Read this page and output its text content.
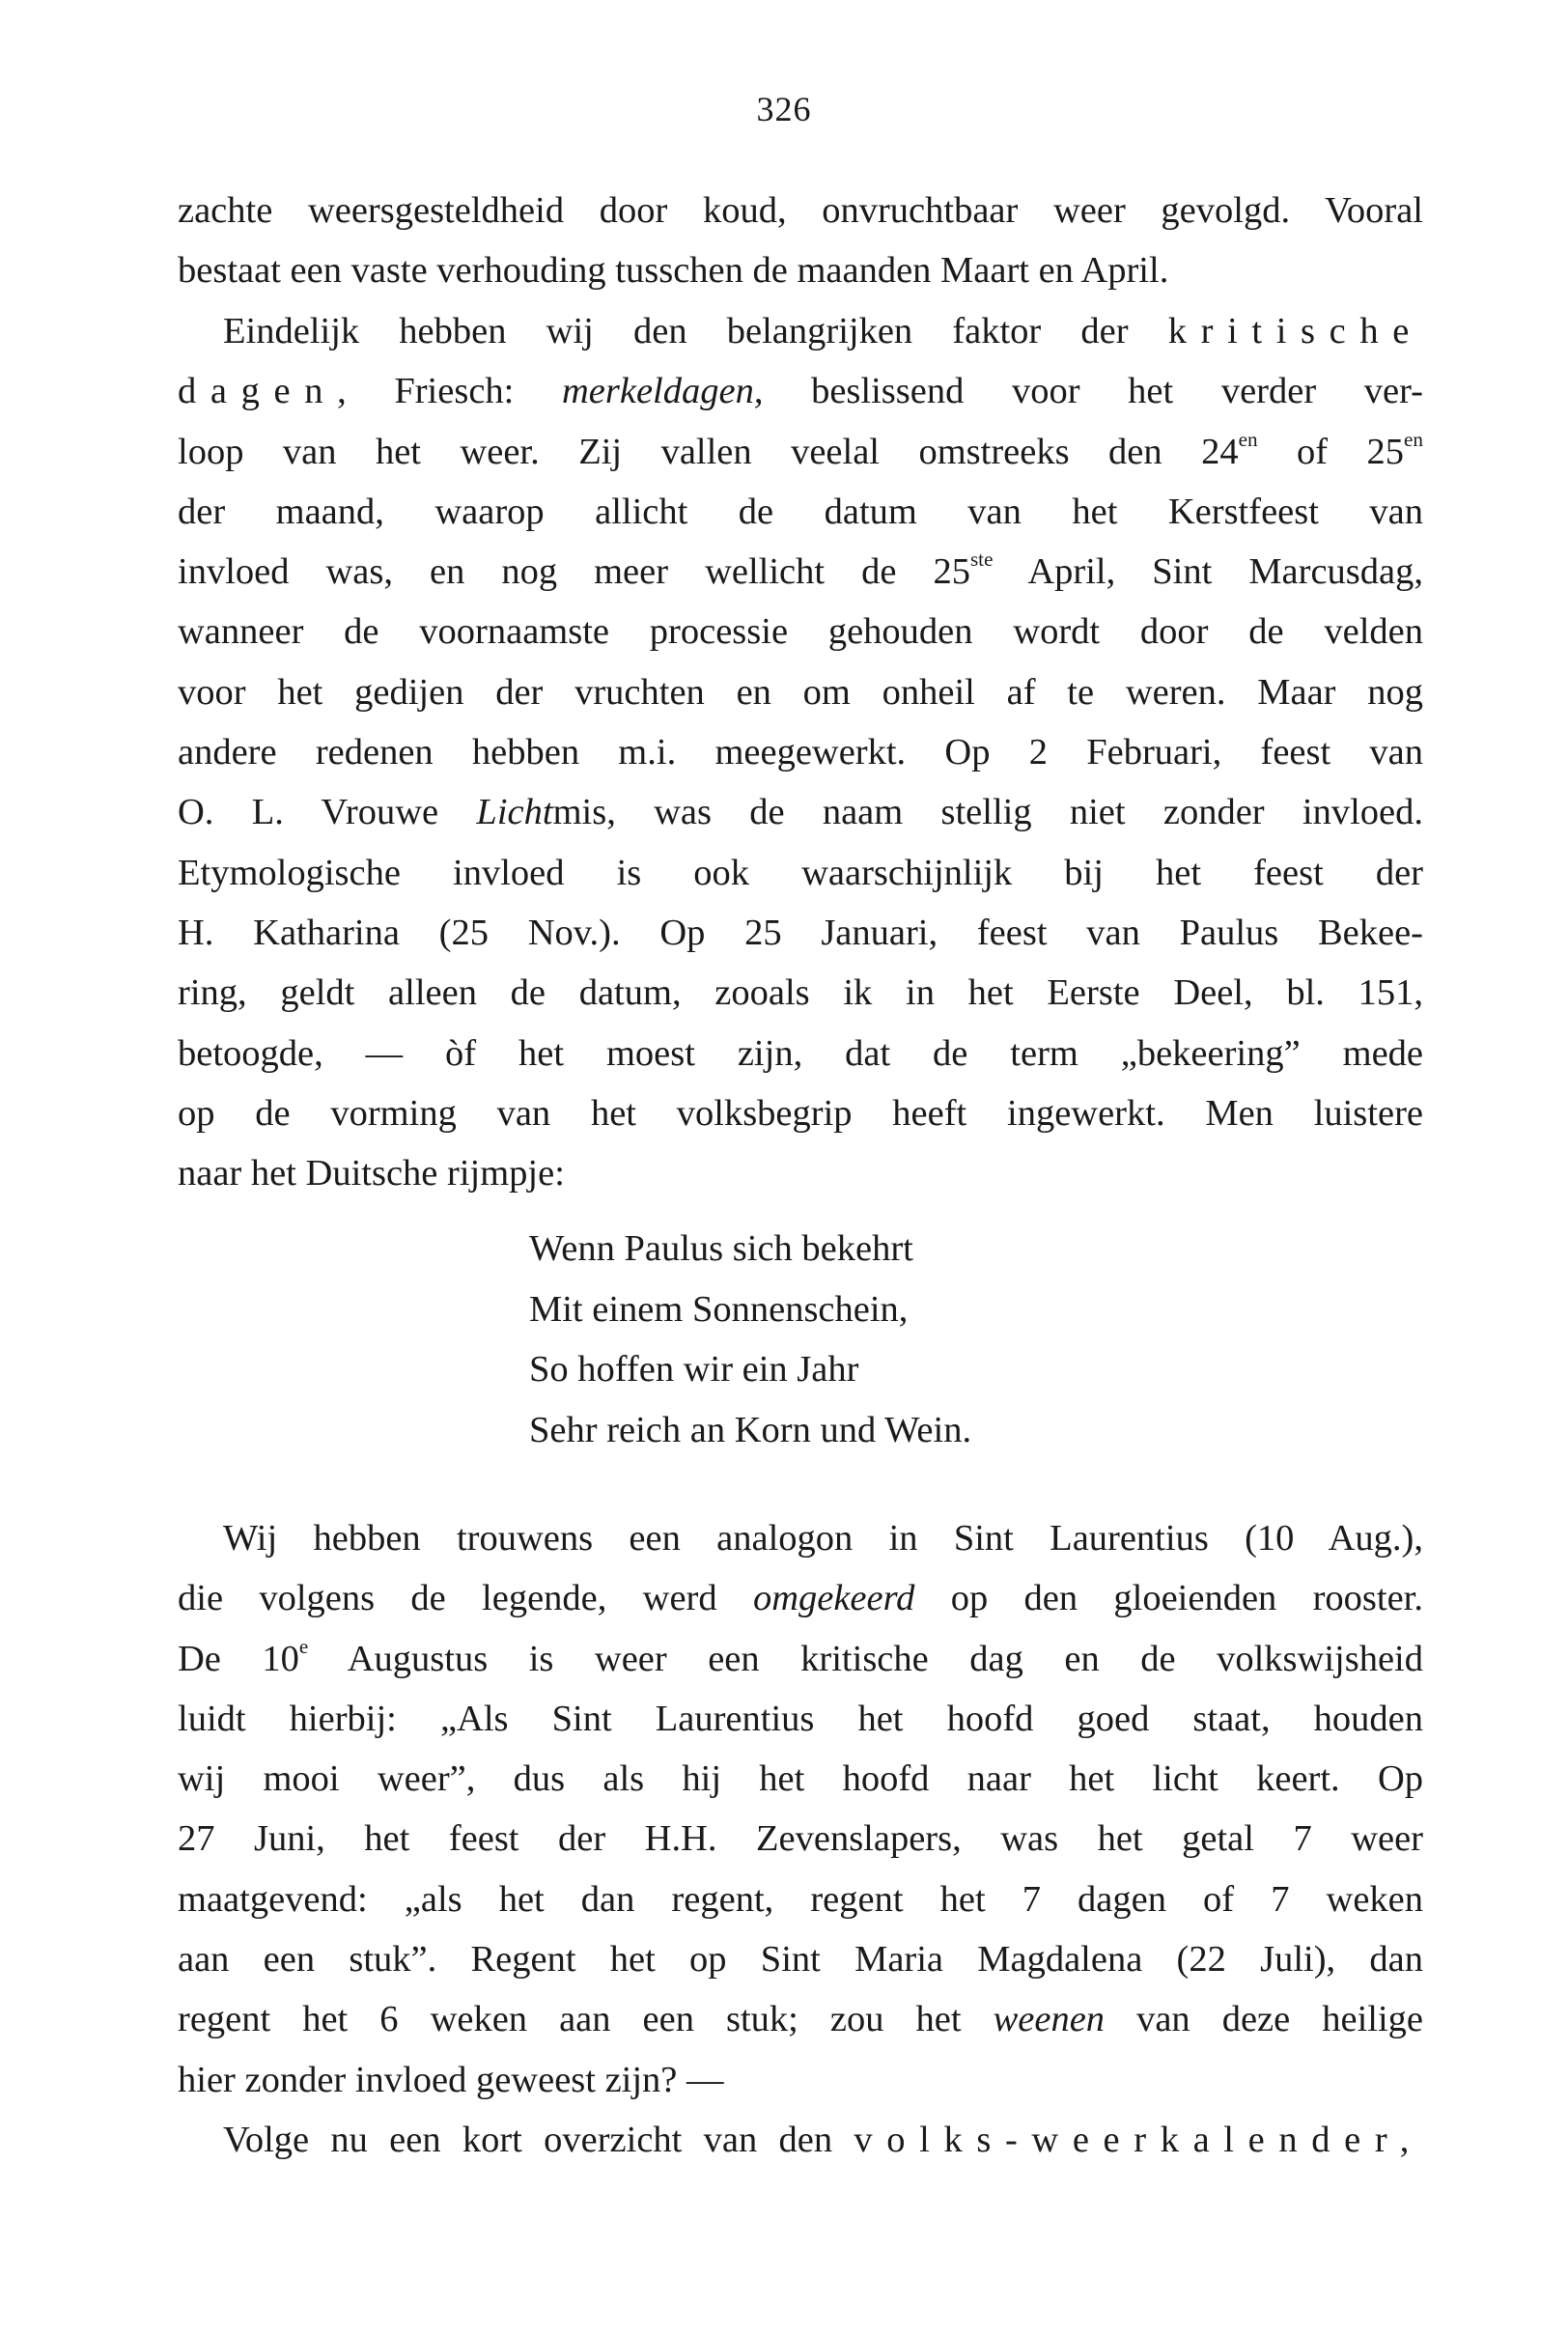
326
zachte weersgesteldheid door koud, onvruchtbaar weer gevolgd. Vooral
bestaat een vaste verhouding tusschen de maanden Maart en April.
Eindelijk hebben wij den belangrijken faktor der kritische
dagen, Friesch: merkeldagen, beslissend voor het verder ver-
loop van het weer. Zij vallen veelal omstreeks den $24^{en}$ of $25^{en}$
der maand, waarop allicht de datum van het Kerstfeest van
invloed was, en nog meer wellicht de 25ste April, Sint Marcusdag,
wanneer de voornaamste processie gehouden wordt door de velden
voor het gedijen der vruchten en om onheil af te weren. Maar nog
andere redenen hebben m.i. meegewerkt. Op 2 Februari, feest van
O. L. Vrouwe Lichtmis, was de naam stellig niet zonder invloed.
Etymologische invloed is ook waarschijnlijk bij het feest der
H. Katharina (25 Nov.). Op 25 Januari, feest van Paulus Bekee-
ring, geldt alleen de datum, zooals ik in het Eerste Deel, bl. 151,
betoogde, — òf het moest zijn, dat de term „bekeering” mede
op de vorming van het volksbegrip heeft ingewerkt. Men luistere
naar het Duitsche rijmpje:
Wenn Paulus sich bekehrt
Mit einem Sonnenschein,
So hoffen wir ein Jahr
Sehr reich an Korn und Wein.
Wij hebben trouwens een analogon in Sint Laurentius (10 Aug.),
die volgens de legende, werd omgekeerd op den gloeienden rooster.
De 10e Augustus is weer een kritische dag en de volkswijsheid
luidt hierbij: „Als Sint Laurentius het hoofd goed staat, houden
wij mooi weer”, dus als hij het hoofd naar het licht keert. Op
27 Juni, het feest der H.H. Zevenslapers, was het getal 7 weer
maatgevend: „als het dan regent, regent het 7 dagen of 7 weken
aan een stuk”. Regent het op Sint Maria Magdalena (22 Juli), dan
regent het 6 weken aan een stuk; zou het weenen van deze heilige
hier zonder invloed geweest zijn? —
Volge nu een kort overzicht van den volks-weerkalender,
